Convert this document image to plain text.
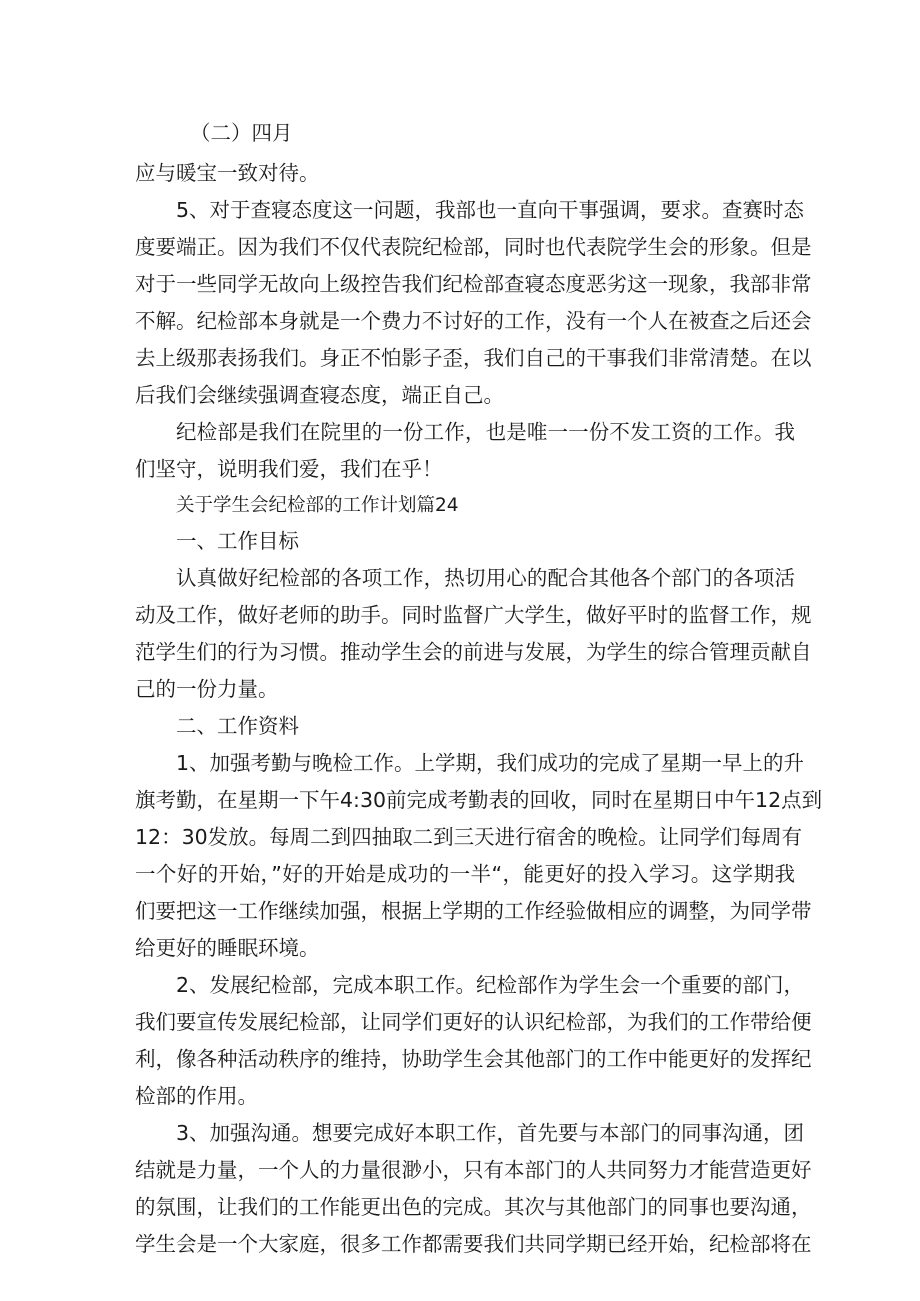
（二）四月
应与暖宝一致对待。
5、对于查寝态度这一问题，我部也一直向干事强调，要求。查赛时态
度要端正。因为我们不仅代表院纪检部，同时也代表院学生会的形象。但是
对于一些同学无故向上级控告我们纪检部查寝态度恶劣这一现象，我部非常
不解。纪检部本身就是一个费力不讨好的工作，没有一个人在被查之后还会
去上级那表扬我们。身正不怕影子歪，我们自己的干事我们非常清楚。在以
后我们会继续强调查寝态度，端正自己。
纪检部是我们在院里的一份工作，也是唯一一份不发工资的工作。我
们坚守，说明我们爱，我们在乎！
关于学生会纪检部的工作计划篇24
一、工作目标
认真做好纪检部的各项工作，热切用心的配合其他各个部门的各项活
动及工作，做好老师的助手。同时监督广大学生，做好平时的监督工作，规
范学生们的行为习惯。推动学生会的前进与发展，为学生的综合管理贡献自
己的一份力量。
二、工作资料
1、加强考勤与晚检工作。上学期，我们成功的完成了星期一早上的升
旗考勤，在星期一下午4:30前完成考勤表的回收，同时在星期日中午12点到
12：30发放。每周二到四抽取二到三天进行宿舍的晚检。让同学们每周有
一个好的开始，”好的开始是成功的一半“，能更好的投入学习。这学期我
们要把这一工作继续加强，根据上学期的工作经验做相应的调整，为同学带
给更好的睡眠环境。
2、发展纪检部，完成本职工作。纪检部作为学生会一个重要的部门，
我们要宣传发展纪检部，让同学们更好的认识纪检部，为我们的工作带给便
利，像各种活动秩序的维持，协助学生会其他部门的工作中能更好的发挥纪
检部的作用。
3、加强沟通。想要完成好本职工作，首先要与本部门的同事沟通，团
结就是力量，一个人的力量很渺小，只有本部门的人共同努力才能营造更好
的氛围，让我们的工作能更出色的完成。其次与其他部门的同事也要沟通，
学生会是一个大家庭，很多工作都需要我们共同学期已经开始，纪检部将在
